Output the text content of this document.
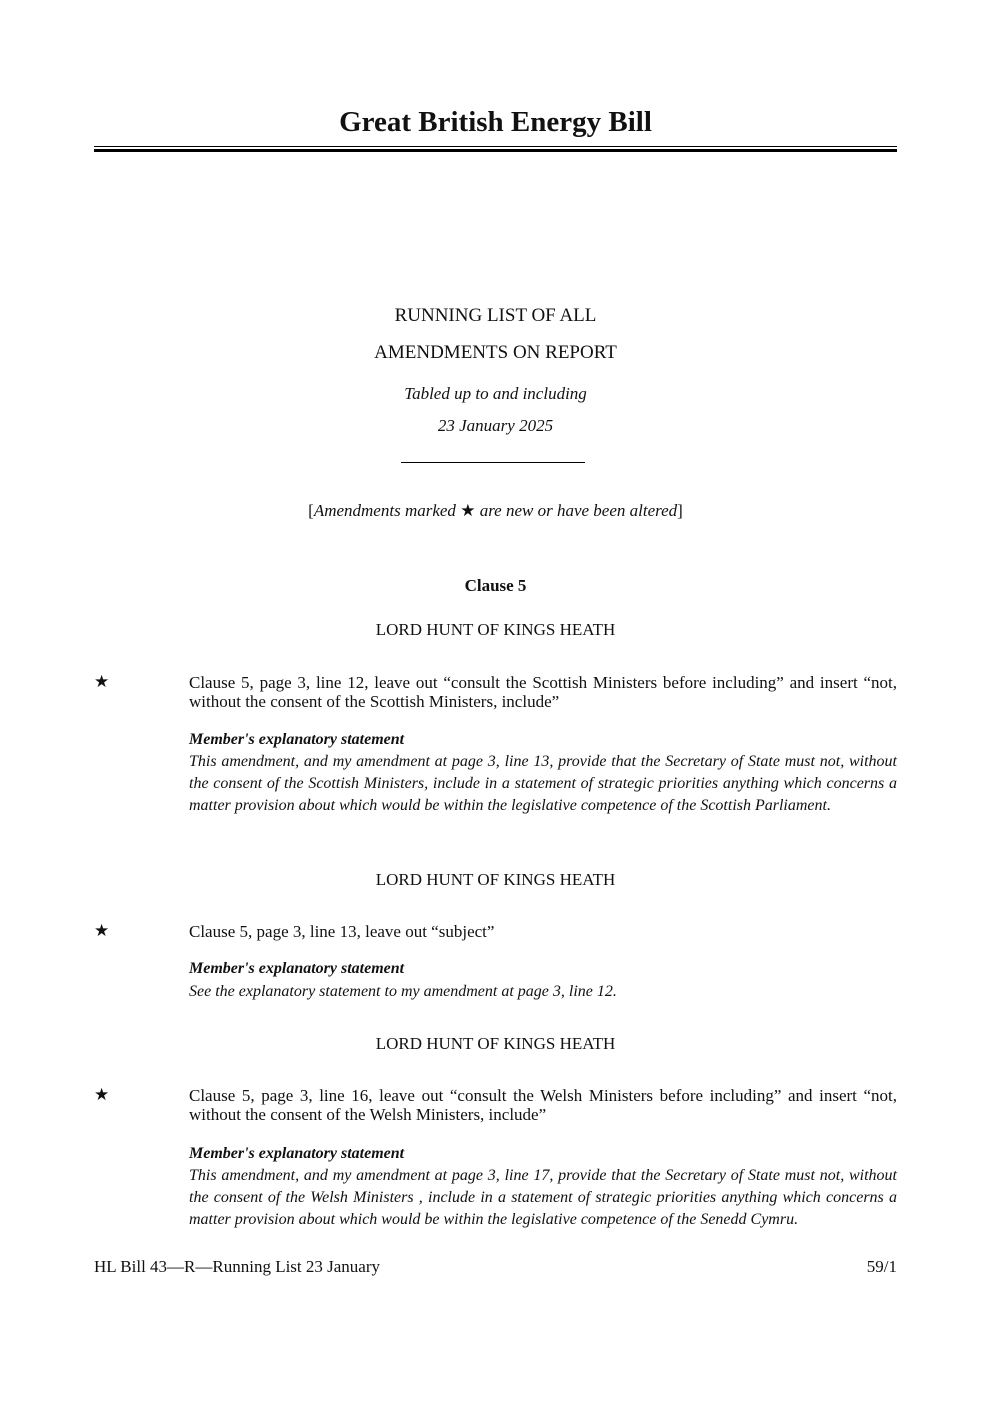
Great British Energy Bill
RUNNING LIST OF ALL
AMENDMENTS ON REPORT
Tabled up to and including
23 January 2025
[Amendments marked ★ are new or have been altered]
Clause 5
LORD HUNT OF KINGS HEATH
★	Clause 5, page 3, line 12, leave out “consult the Scottish Ministers before including” and insert “not, without the consent of the Scottish Ministers, include”
Member's explanatory statement
This amendment, and my amendment at page 3, line 13, provide that the Secretary of State must not, without the consent of the Scottish Ministers, include in a statement of strategic priorities anything which concerns a matter provision about which would be within the legislative competence of the Scottish Parliament.
LORD HUNT OF KINGS HEATH
★	Clause 5, page 3, line 13, leave out “subject”
Member's explanatory statement
See the explanatory statement to my amendment at page 3, line 12.
LORD HUNT OF KINGS HEATH
★	Clause 5, page 3, line 16, leave out “consult the Welsh Ministers before including” and insert “not, without the consent of the Welsh Ministers, include”
Member's explanatory statement
This amendment, and my amendment at page 3, line 17, provide that the Secretary of State must not, without the consent of the Welsh Ministers , include in a statement of strategic priorities anything which concerns a matter provision about which would be within the legislative competence of the Senedd Cymru.
HL Bill 43—R—Running List 23 January	59/1
